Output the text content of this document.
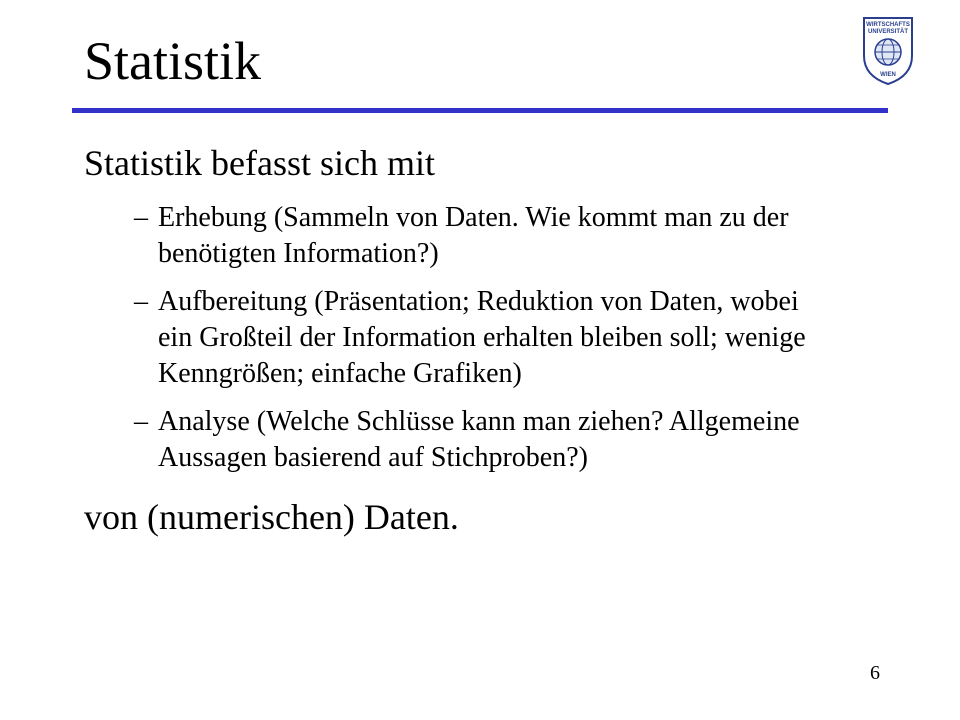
Statistik
WIRTSCHAFTS
UNIVERSITÄT
WIEN

Statistik befasst sich mit

– Erhebung (Sammeln von Daten. Wie kommt man zu der benötigten Information?)
– Aufbereitung (Präsentation; Reduktion von Daten, wobei ein Großteil der Information erhalten bleiben soll; wenige Kenngrößen; einfache Grafiken)
– Analyse (Welche Schlüsse kann man ziehen? Allgemeine Aussagen basierend auf Stichproben?)

von (numerischen) Daten.

6
